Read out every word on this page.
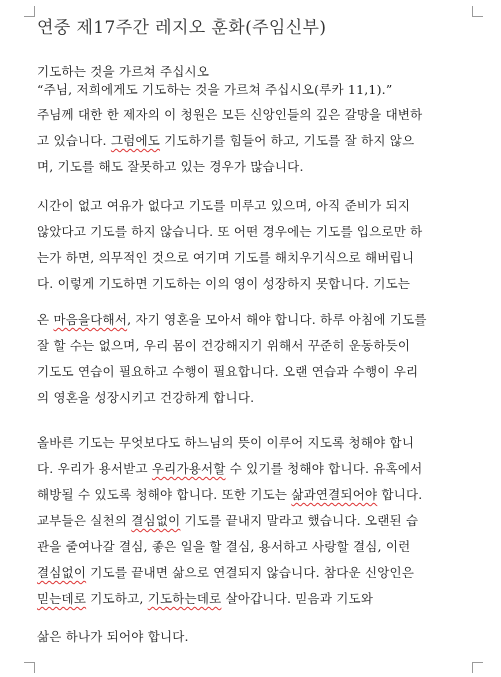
연중 제17주간 레지오 훈화(주임신부)
기도하는 것을 가르쳐 주십시오
“주님, 저희에게도 기도하는 것을 가르쳐 주십시오(루카 11,1).”
주님께 대한 한 제자의 이 청원은 모든 신앙인들의 깊은 갈망을 대변하
고 있습니다. 그럼에도 기도하기를 힘들어 하고, 기도를 잘 하지 않으
며, 기도를 해도 잘못하고 있는 경우가 많습니다.
시간이 없고 여유가 없다고 기도를 미루고 있으며, 아직 준비가 되지
않았다고 기도를 하지 않습니다. 또 어떤 경우에는 기도를 입으로만 하
는가 하면, 의무적인 것으로 여기며 기도를 해치우기식으로 해버립니
다. 이렇게 기도하면 기도하는 이의 영이 성장하지 못합니다. 기도는
온 마음을다해서, 자기 영혼을 모아서 해야 합니다. 하루 아침에 기도를
잘 할 수는 없으며, 우리 몸이 건강해지기 위해서 꾸준히 운동하듯이
기도도 연습이 필요하고 수행이 필요합니다. 오랜 연습과 수행이 우리
의 영혼을 성장시키고 건강하게 합니다.
올바른 기도는 무엇보다도 하느님의 뜻이 이루어 지도록 청해야 합니
다. 우리가 용서받고 우리가용서할 수 있기를 청해야 합니다. 유혹에서
해방될 수 있도록 청해야 합니다. 또한 기도는 삶과연결되어야 합니다.
교부들은 실천의 결심없이 기도를 끝내지 말라고 했습니다. 오랜된 습
관을 줄여나갈 결심, 좋은 일을 할 결심, 용서하고 사랑할 결심, 이런
결심없이 기도를 끝내면 삶으로 연결되지 않습니다. 참다운 신앙인은
믿는데로 기도하고, 기도하는데로 살아갑니다. 믿음과 기도와
삶은 하나가 되어야 합니다.
